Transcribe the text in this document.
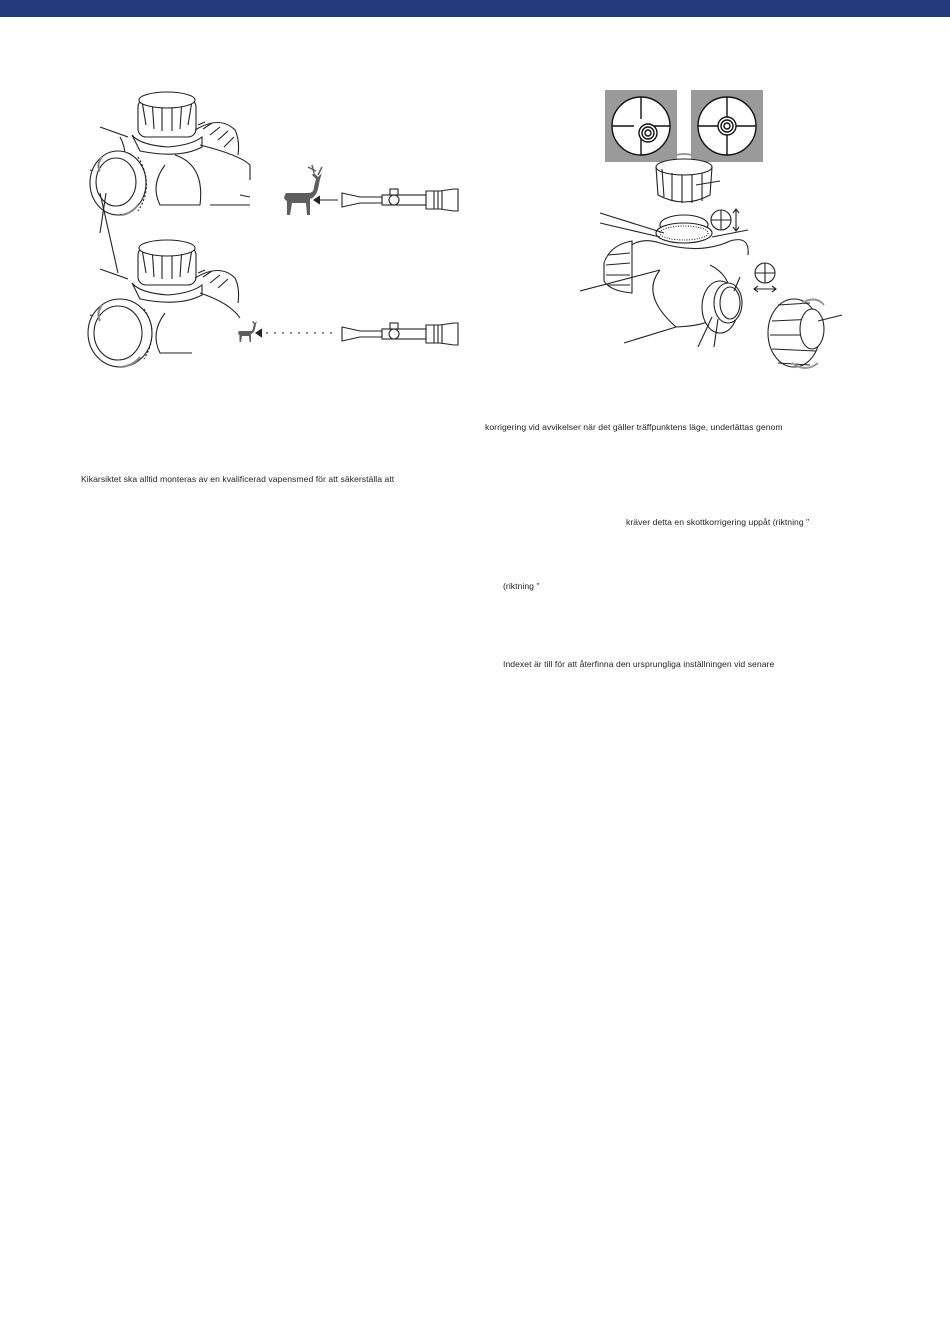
Kikarsiktet ska alltid monteras av en kvalificerad vapensmed för att säkerställa att
korrigering vid avvikelser när det gäller träffpunktens läge, underlättas genom
kräver detta en skottkorrigering uppåt (riktning "
(riktning "
Indexet är till för att återfinna den ursprungliga inställningen vid senare
